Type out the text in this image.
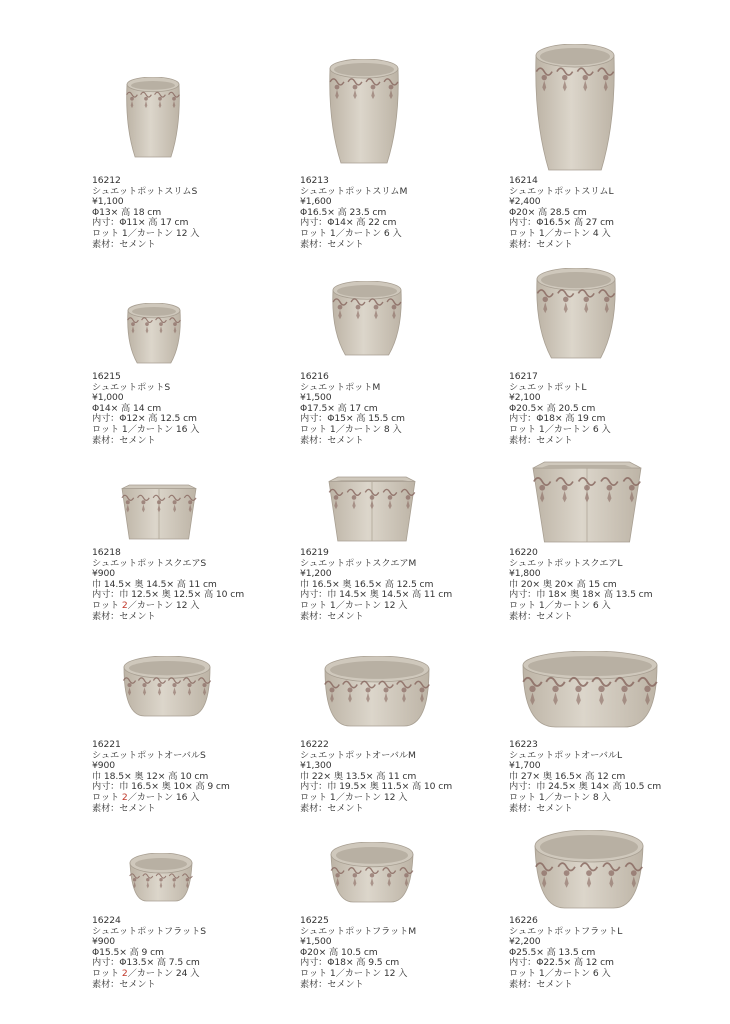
16212
シュエットポットスリムS
¥1,100
Φ13× 高 18 cm
内寸：Φ11× 高 17 cm
ロット 1／カートン 12 入
素材：セメント
16213
シュエットポットスリムM
¥1,600
Φ16.5× 高 23.5 cm
内寸：Φ14× 高 22 cm
ロット 1／カートン 6 入
素材：セメント
16214
シュエットポットスリムL
¥2,400
Φ20× 高 28.5 cm
内寸：Φ16.5× 高 27 cm
ロット 1／カートン 4 入
素材：セメント
16215
シュエットポットS
¥1,000
Φ14× 高 14 cm
内寸：Φ12× 高 12.5 cm
ロット 1／カートン 16 入
素材：セメント
16216
シュエットポットM
¥1,500
Φ17.5× 高 17 cm
内寸：Φ15× 高 15.5 cm
ロット 1／カートン 8 入
素材：セメント
16217
シュエットポットL
¥2,100
Φ20.5× 高 20.5 cm
内寸：Φ18× 高 19 cm
ロット 1／カートン 6 入
素材：セメント
16218
シュエットポットスクエアS
¥900
巾 14.5× 奥 14.5× 高 11 cm
内寸：巾 12.5× 奥 12.5× 高 10 cm
ロット 2／カートン 12 入
素材：セメント
16219
シュエットポットスクエアM
¥1,200
巾 16.5× 奥 16.5× 高 12.5 cm
内寸：巾 14.5× 奥 14.5× 高 11 cm
ロット 1／カートン 12 入
素材：セメント
16220
シュエットポットスクエアL
¥1,800
巾 20× 奥 20× 高 15 cm
内寸：巾 18× 奥 18× 高 13.5 cm
ロット 1／カートン 6 入
素材：セメント
16221
シュエットポットオーバルS
¥900
巾 18.5× 奥 12× 高 10 cm
内寸：巾 16.5× 奥 10× 高 9 cm
ロット 2／カートン 16 入
素材：セメント
16222
シュエットポットオーバルM
¥1,300
巾 22× 奥 13.5× 高 11 cm
内寸：巾 19.5× 奥 11.5× 高 10 cm
ロット 1／カートン 12 入
素材：セメント
16223
シュエットポットオーバルL
¥1,700
巾 27× 奥 16.5× 高 12 cm
内寸：巾 24.5× 奥 14× 高 10.5 cm
ロット 1／カートン 8 入
素材：セメント
16224
シュエットポットフラットS
¥900
Φ15.5× 高 9 cm
内寸：Φ13.5× 高 7.5 cm
ロット 2／カートン 24 入
素材：セメント
16225
シュエットポットフラットM
¥1,500
Φ20× 高 10.5 cm
内寸：Φ18× 高 9.5 cm
ロット 1／カートン 12 入
素材：セメント
16226
シュエットポットフラットL
¥2,200
Φ25.5× 高 13.5 cm
内寸：Φ22.5× 高 12 cm
ロット 1／カートン 6 入
素材：セメント
